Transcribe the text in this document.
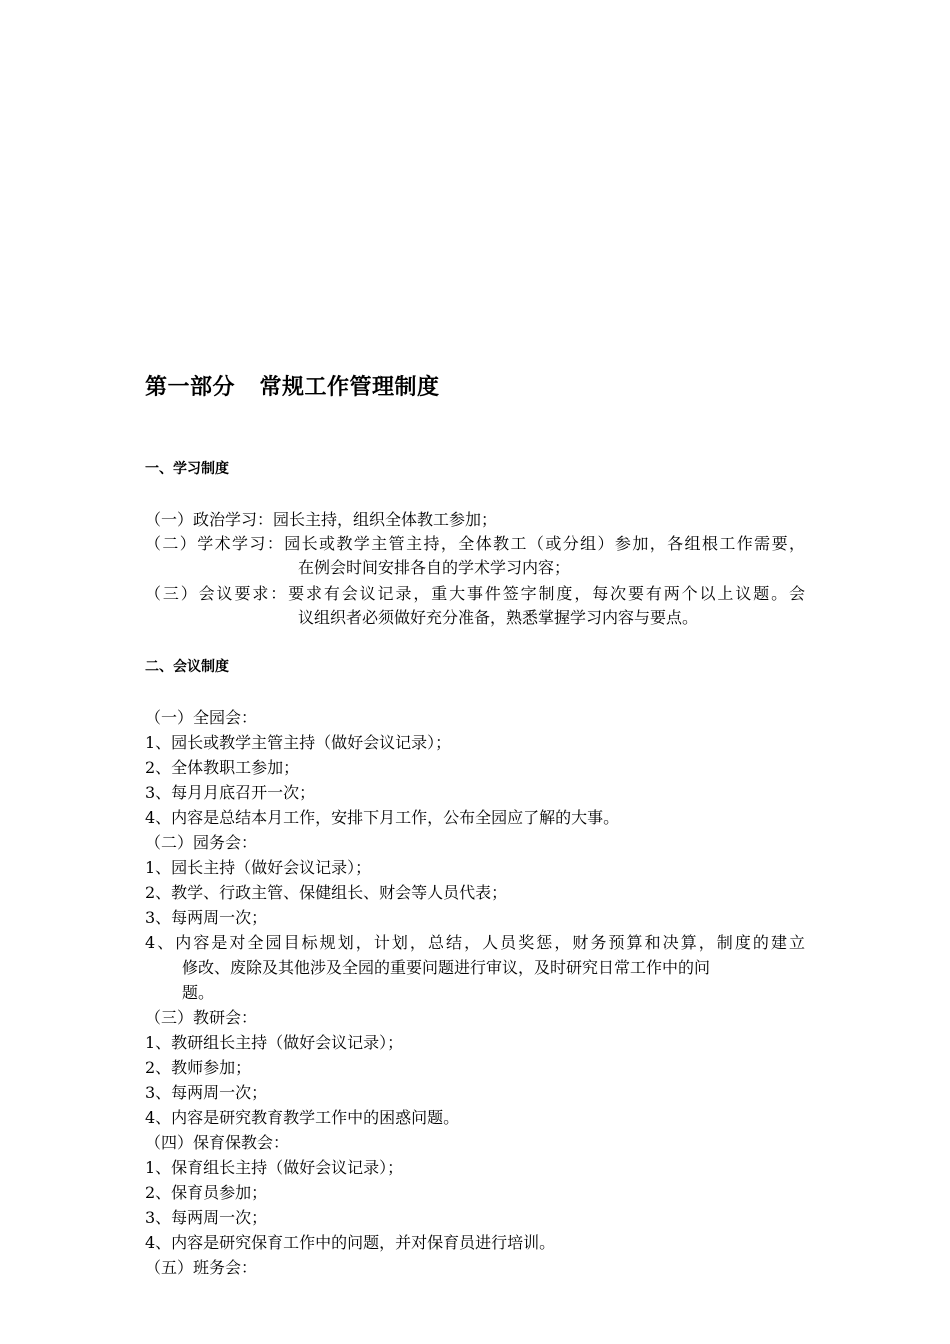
第一部分   常规工作管理制度
一、学习制度
（一）政治学习：园长主持，组织全体教工参加；
（二）学术学习：园长或教学主管主持，全体教工（或分组）参加，各组根工作需要，
在例会时间安排各自的学术学习内容；
（三）会议要求：要求有会议记录，重大事件签字制度，每次要有两个以上议题。会
议组织者必须做好充分准备，熟悉掌握学习内容与要点。
二、会议制度
（一）全园会：
1、园长或教学主管主持（做好会议记录）；
2、全体教职工参加；
3、每月月底召开一次；
4、内容是总结本月工作，安排下月工作，公布全园应了解的大事。
（二）园务会：
1、园长主持（做好会议记录）；
2、教学、行政主管、保健组长、财会等人员代表；
3、每两周一次；
4、内容是对全园目标规划，计划，总结，人员奖惩，财务预算和决算，制度的建立
修改、废除及其他涉及全园的重要问题进行审议，及时研究日常工作中的问
题。
（三）教研会：
1、教研组长主持（做好会议记录）；
2、教师参加；
3、每两周一次；
4、内容是研究教育教学工作中的困惑问题。
（四）保育保教会：
1、保育组长主持（做好会议记录）；
2、保育员参加；
3、每两周一次；
4、内容是研究保育工作中的问题，并对保育员进行培训。
（五）班务会：
